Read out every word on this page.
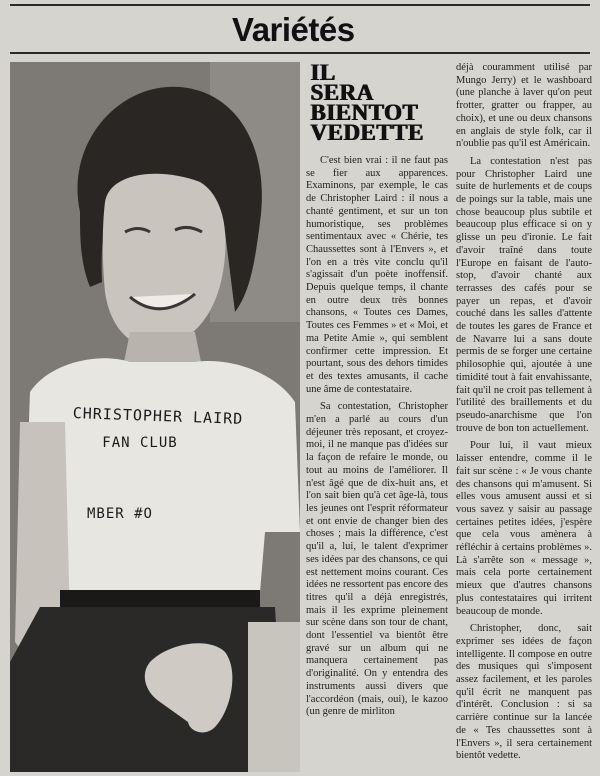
Variétés
CHRISTOPHER LAIRD
FAN CLUB
MBER #O
IL
SERA
BIENTOT
VEDETTE

C'est bien vrai : il ne faut pas se fier aux apparences. Examinons, par exemple, le cas de Christopher Laird : il nous a chanté gentiment, et sur un ton humoristique, ses problèmes sentimentaux avec « Chérie, tes Chaussettes sont à l'Envers », et l'on en a très vite conclu qu'il s'agissait d'un poète inoffensif. Depuis quelque temps, il chante en outre deux très bonnes chansons, « Toutes ces Dames, Toutes ces Femmes » et « Moi, et ma Petite Amie », qui semblent confirmer cette impression. Et pourtant, sous des dehors timides et des textes amusants, il cache une âme de contestataire.

Sa contestation, Christopher m'en a parlé au cours d'un déjeuner très reposant, et croyez-moi, il ne manque pas d'idées sur la façon de refaire le monde, ou tout au moins de l'améliorer. Il n'est âgé que de dix-huit ans, et l'on sait bien qu'à cet âge-là, tous les jeunes ont l'esprit réformateur et ont envie de changer bien des choses ; mais la différence, c'est qu'il a, lui, le talent d'exprimer ses idées par des chansons, ce qui est nettement moins courant. Ces idées ne ressortent pas encore des titres qu'il a déjà enregistrés, mais il les exprime pleinement sur scène dans son tour de chant, dont l'essentiel va bientôt être gravé sur un album qui ne manquera certainement pas d'originalité. On y entendra des instruments aussi divers que l'accordéon (mais, oui), le kazoo (un genre de mirliton

déjà couramment utilisé par Mungo Jerry) et le washboard (une planche à laver qu'on peut frotter, gratter ou frapper, au choix), et une ou deux chansons en anglais de style folk, car il n'oublie pas qu'il est Américain.

La contestation n'est pas pour Christopher Laird une suite de hurlements et de coups de poings sur la table, mais une chose beaucoup plus subtile et beaucoup plus efficace si on y glisse un peu d'ironie. Le fait d'avoir traîné dans toute l'Europe en faisant de l'auto-stop, d'avoir chanté aux terrasses des cafés pour se payer un repas, et d'avoir couché dans les salles d'attente de toutes les gares de France et de Navarre lui a sans doute permis de se forger une certaine philosophie qui, ajoutée à une timidité tout à fait envahissante, fait qu'il ne croit pas tellement à l'utilité des braillements et du pseudo-anarchisme que l'on trouve de bon ton actuellement.

Pour lui, il vaut mieux laisser entendre, comme il le fait sur scène : « Je vous chante des chansons qui m'amusent. Si elles vous amusent aussi et si vous savez y saisir au passage certaines petites idées, j'espère que cela vous amènera à réfléchir à certains problèmes ». Là s'arrête son « message », mais cela porte certainement mieux que d'autres chansons plus contestataires qui irritent beaucoup de monde.

Christopher, donc, sait exprimer ses idées de façon intelligente. Il compose en outre des musiques qui s'imposent assez facilement, et les paroles qu'il écrit ne manquent pas d'intérêt. Conclusion : si sa carrière continue sur la lancée de « Tes chaussettes sont à l'Envers », il sera certainement bientôt vedette.
